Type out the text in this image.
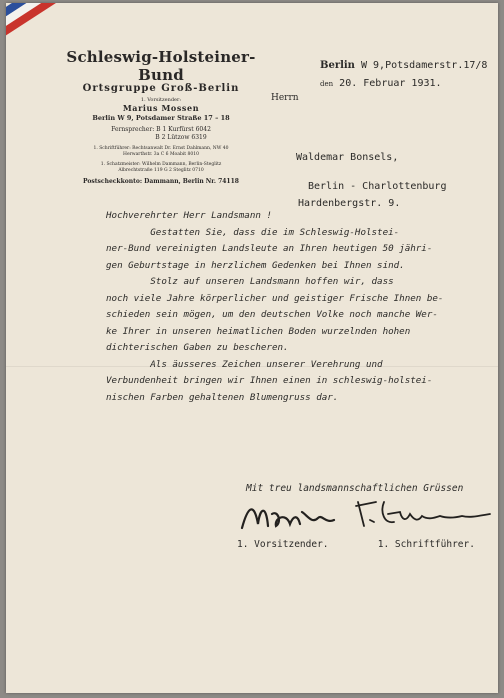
Schleswig-Holsteiner-Bund
Ortsgruppe Groß-Berlin
1. Vorsitzender:
Marius Mossen
Berlin W 9, Potsdamer Straße 17 – 18
Fernsprecher: B 1 Kurfürst 6042
B 2 Lützow 6319
1. Schriftführer: Rechtsanwalt Dr. Ernst Dahlmann, NW 40
Herwarthstr. 3a C 6 Moabit 8010
1. Schatzmeister: Wilhelm Dammann, Berlin-Steglitz
Albrechtstraße 119 G 2 Steglitz 0710
Postscheckkonto: Dammann, Berlin Nr. 74118
Berlin W 9,Potsdamerstr.17/8
den 20. Februar 1931.
Herrn
Waldemar Bonsels,
Berlin - Charlottenburg
Hardenbergstr. 9.

Hochverehrter Herr Landsmann !

Gestatten Sie, dass die im Schleswig-Holstei-
ner-Bund vereinigten Landsleute an Ihren heutigen 50 jähri-
gen Geburtstage in herzlichem Gedenken bei Ihnen sind.

Stolz auf unseren Landsmann hoffen wir, dass
noch viele Jahre körperlicher und geistiger Frische Ihnen be-
schieden sein mögen, um den deutschen Volke noch manche Wer-
ke Ihrer in unseren heimatlichen Boden wurzelnden hohen
dichterischen Gaben zu bescheren.

Als äusseres Zeichen unserer Verehrung und
Verbundenheit bringen wir Ihnen einen in schleswig-holstei-
nischen Farben gehaltenen Blumengruss dar.

Mit treu landsmannschaftlichen Grüssen
1. Vorsitzender.	1. Schriftführer.
